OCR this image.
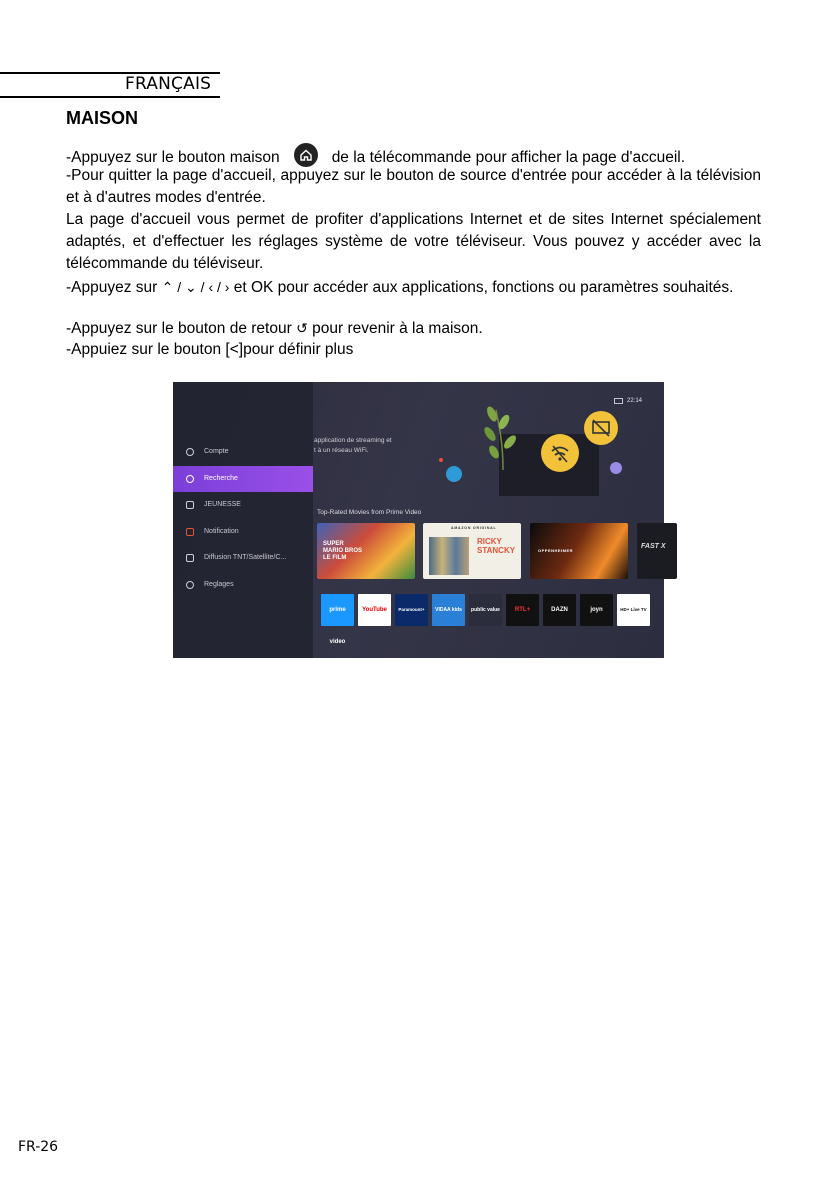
FRANÇAIS
MAISON
-Appuyez sur le bouton maison	de la télécommande pour afficher la page d'accueil.
-Pour quitter la page d'accueil, appuyez sur le bouton de source d'entrée pour accéder à la télévision et à d'autres modes d'entrée.
La page d'accueil vous permet de profiter d'applications Internet et de sites Internet spécialement adaptés, et d'effectuer les réglages système de votre téléviseur. Vous pouvez y accéder avec la télécommande du téléviseur.
-Appuyez sur ⌃ / ⌄ / ‹ / › et OK pour accéder aux applications, fonctions ou paramètres souhaités.
-Appuyez sur le bouton de retour ↺ pour revenir à la maison.
-Appuiez sur le bouton [<]pour définir plus
22:14
application de streaming et
t à un réseau WiFi.
Compte
Recherche
JEUNESSE
Notification
Diffusion TNT/Satellite/C...
Reglages
Top-Rated Movies from Prime Video
SUPER MARIO BROS LE FILM
AMAZON ORIGINAL
RICKY STANCKY	OPPENHEIMER
FAST X
prime video
YouTube	Paramount+	VIDAA kids	public value	RTL+	DAZN	joyn	HD+ Live TV
FR-26
